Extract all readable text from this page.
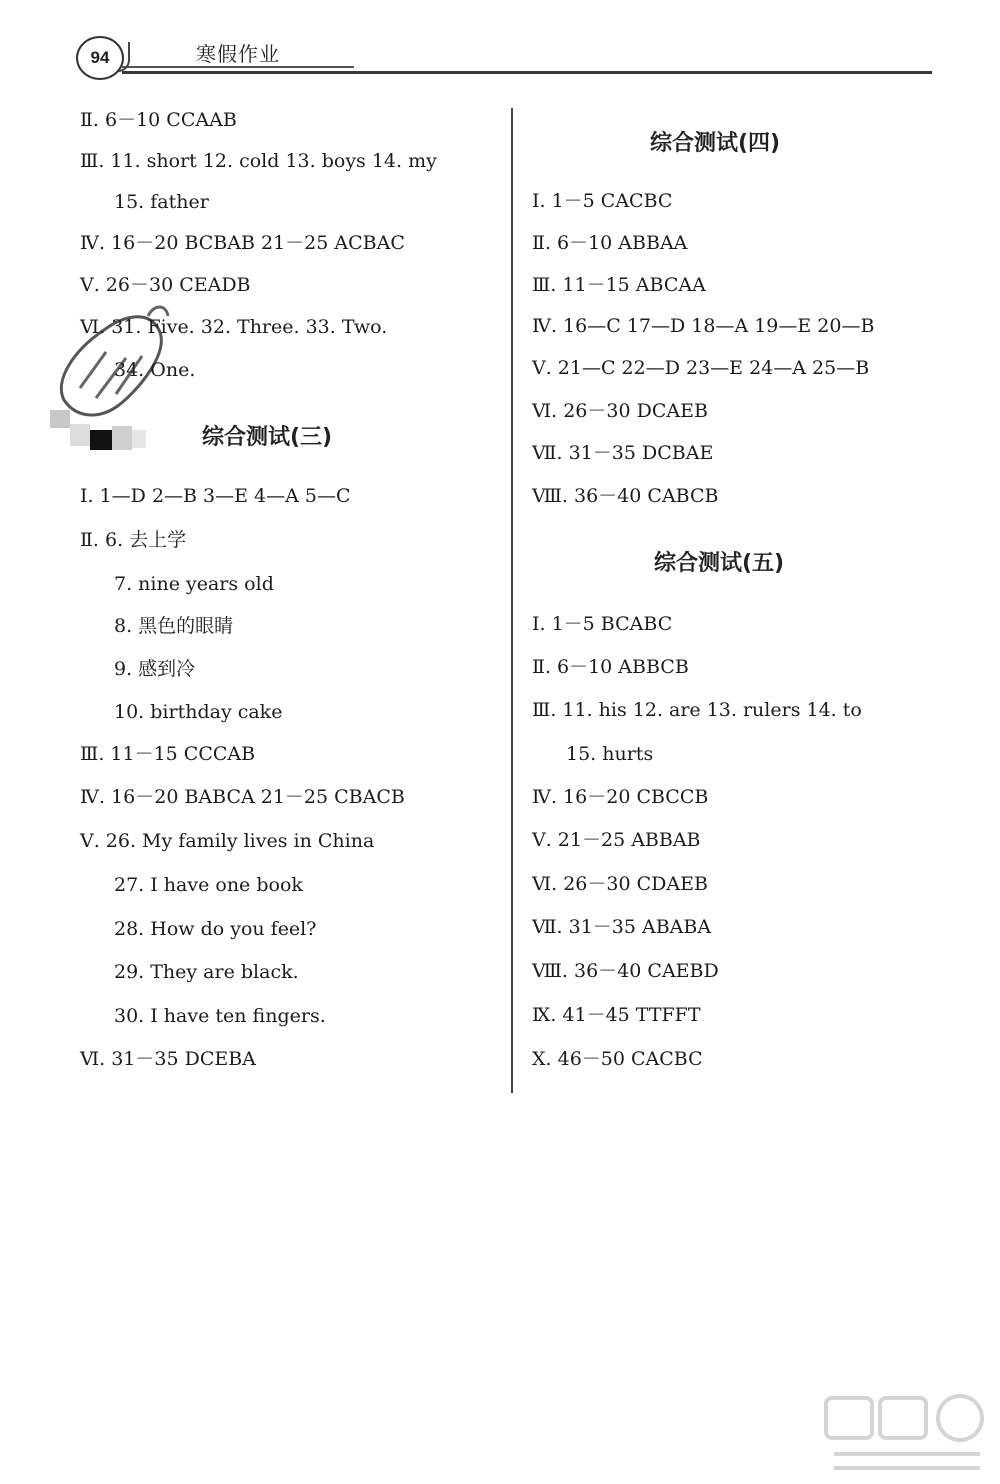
94	寒假作业
Ⅱ. 6－10 CCAAB
Ⅲ. 11. short 12. cold 13. boys 14. my
15. father
Ⅳ. 16－20 BCBAB 21－25 ACBAC
Ⅴ. 26－30 CEADB
Ⅵ. 31. Five. 32. Three. 33. Two.
34. One.
综合测试(三)
Ⅰ. 1—D 2—B 3—E 4—A 5—C
Ⅱ. 6. 去上学
7. nine years old
8. 黑色的眼睛
9. 感到冷
10. birthday cake
Ⅲ. 11－15 CCCAB
Ⅳ. 16－20 BABCA 21－25 CBACB
Ⅴ. 26. My family lives in China
27. I have one book
28. How do you feel?
29. They are black.
30. I have ten fingers.
Ⅵ. 31－35 DCEBA
综合测试(四)
Ⅰ. 1－5 CACBC
Ⅱ. 6－10 ABBAA
Ⅲ. 11－15 ABCAA
Ⅳ. 16—C 17—D 18—A 19—E 20—B
Ⅴ. 21—C 22—D 23—E 24—A 25—B
Ⅵ. 26－30 DCAEB
Ⅶ. 31－35 DCBAE
Ⅷ. 36－40 CABCB
综合测试(五)
Ⅰ. 1－5 BCABC
Ⅱ. 6－10 ABBCB
Ⅲ. 11. his 12. are 13. rulers 14. to
15. hurts
Ⅳ. 16－20 CBCCB
Ⅴ. 21－25 ABBAB
Ⅵ. 26－30 CDAEB
Ⅶ. 31－35 ABABA
Ⅷ. 36－40 CAEBD
Ⅸ. 41－45 TTFFT
Ⅹ. 46－50 CACBC
